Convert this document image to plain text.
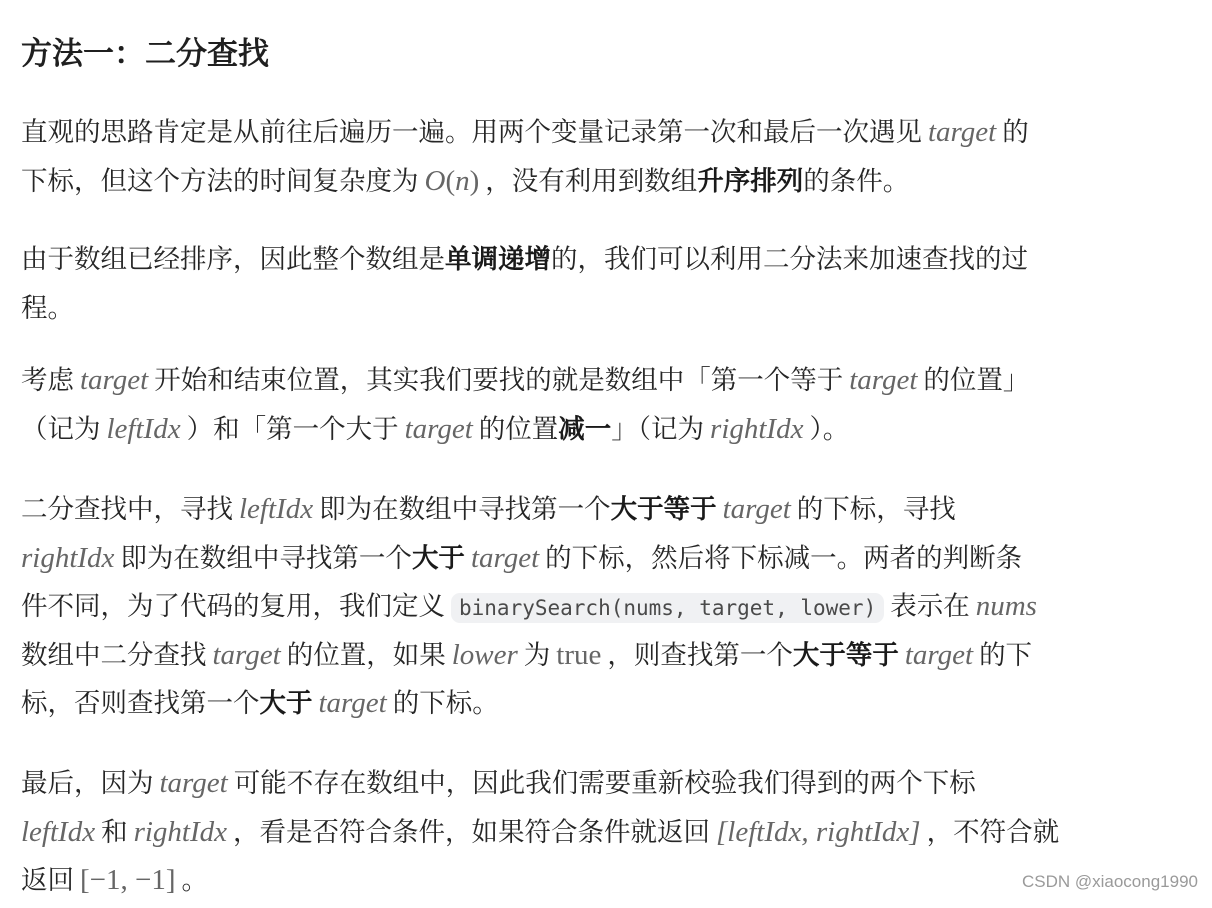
方法一：二分查找

直观的思路肯定是从前往后遍历一遍。用两个变量记录第一次和最后一次遇见 target 的
下标，但这个方法的时间复杂度为 O(n) ，没有利用到数组升序排列的条件。

由于数组已经排序，因此整个数组是单调递增的，我们可以利用二分法来加速查找的过
程。

考虑 target 开始和结束位置，其实我们要找的就是数组中「第一个等于 target 的位置」
（记为 leftIdx ）和「第一个大于 target 的位置减一」（记为 rightIdx ）。

二分查找中，寻找 leftIdx 即为在数组中寻找第一个大于等于 target 的下标，寻找
rightIdx 即为在数组中寻找第一个大于 target 的下标，然后将下标减一。两者的判断条
件不同，为了代码的复用，我们定义 binarySearch(nums, target, lower) 表示在 nums
数组中二分查找 target 的位置，如果 lower 为 true ，则查找第一个大于等于 target 的下
标，否则查找第一个大于 target 的下标。

最后，因为 target 可能不存在数组中，因此我们需要重新校验我们得到的两个下标
leftIdx 和 rightIdx ，看是否符合条件，如果符合条件就返回 [leftIdx, rightIdx] ，不符合就
返回 [−1, −1] 。	CSDN @xiaocong1990
